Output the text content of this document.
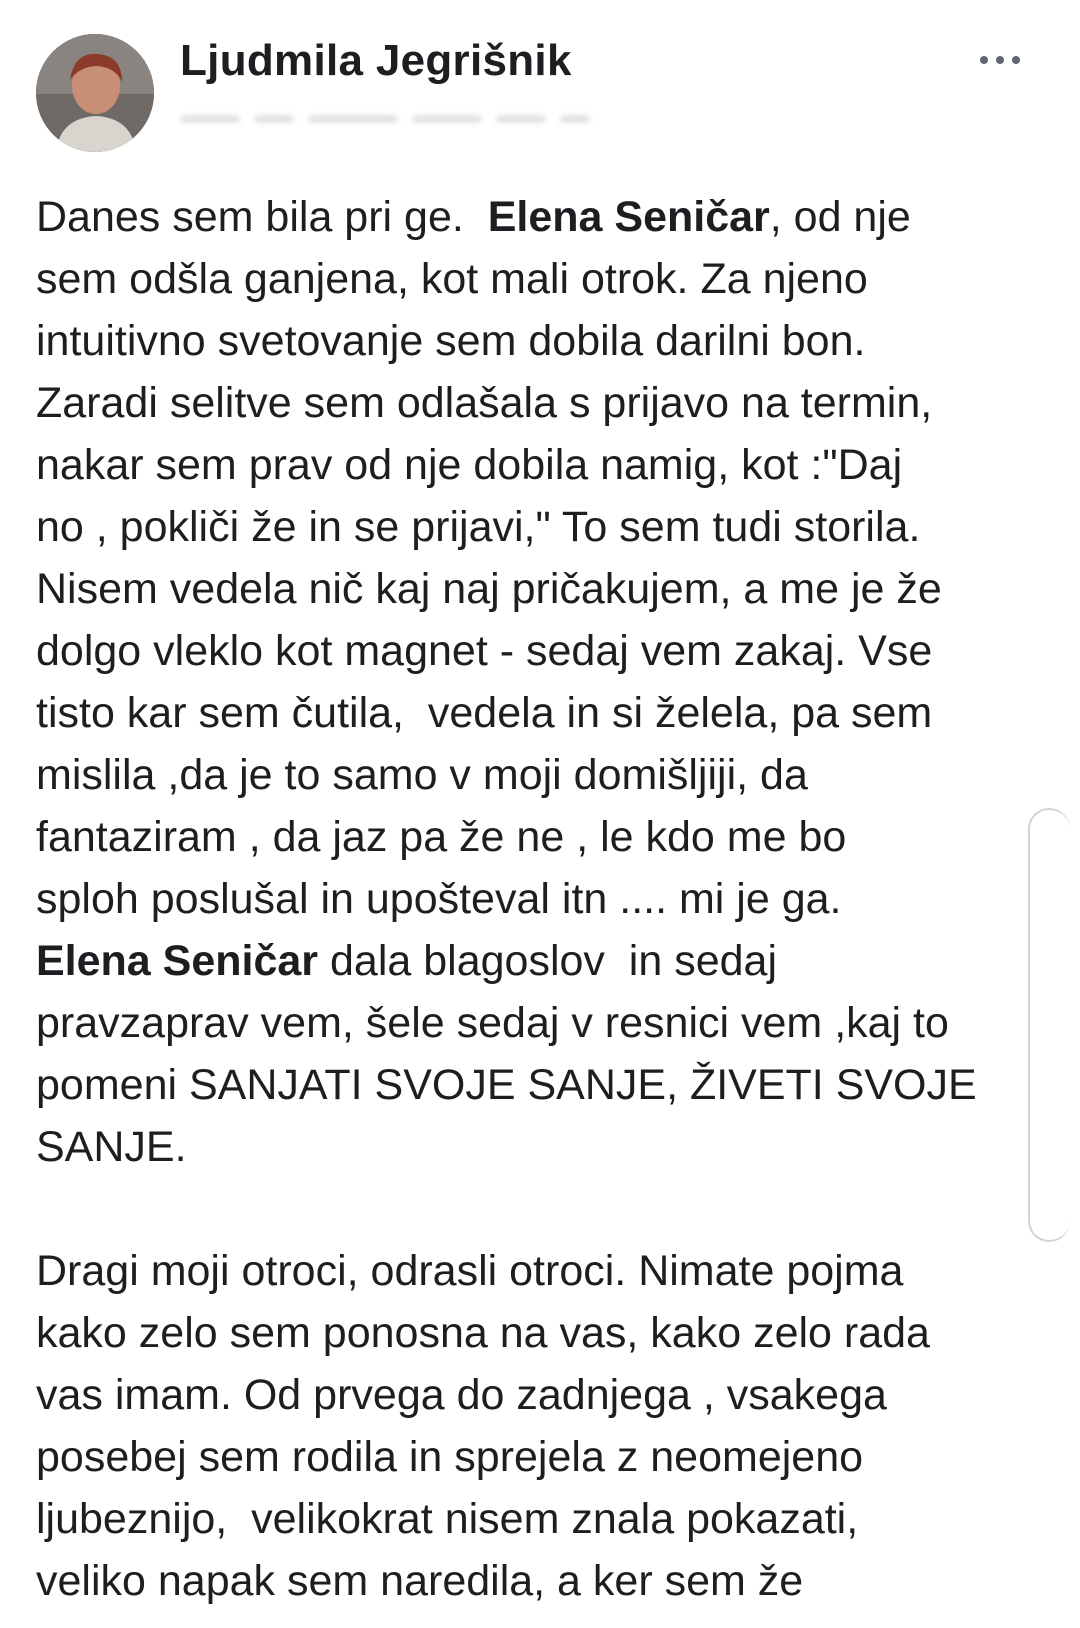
Ljudmila Jegrišnik
Danes sem bila pri ge.  Elena Seničar, od nje
sem odšla ganjena, kot mali otrok. Za njeno
intuitivno svetovanje sem dobila darilni bon.
Zaradi selitve sem odlašala s prijavo na termin,
nakar sem prav od nje dobila namig, kot :"Daj
no , pokliči že in se prijavi," To sem tudi storila.
Nisem vedela nič kaj naj pričakujem, a me je že
dolgo vleklo kot magnet - sedaj vem zakaj. Vse
tisto kar sem čutila,  vedela in si želela, pa sem
mislila ,da je to samo v moji domišljiji, da
fantaziram , da jaz pa že ne , le kdo me bo
sploh poslušal in upošteval itn .... mi je ga.
Elena Seničar dala blagoslov  in sedaj
pravzaprav vem, šele sedaj v resnici vem ,kaj to
pomeni SANJATI SVOJE SANJE, ŽIVETI SVOJE
SANJE.
Dragi moji otroci, odrasli otroci. Nimate pojma
kako zelo sem ponosna na vas, kako zelo rada
vas imam. Od prvega do zadnjega , vsakega
posebej sem rodila in sprejela z neomejeno
ljubeznijo,  velikokrat nisem znala pokazati,
veliko napak sem naredila, a ker sem že
